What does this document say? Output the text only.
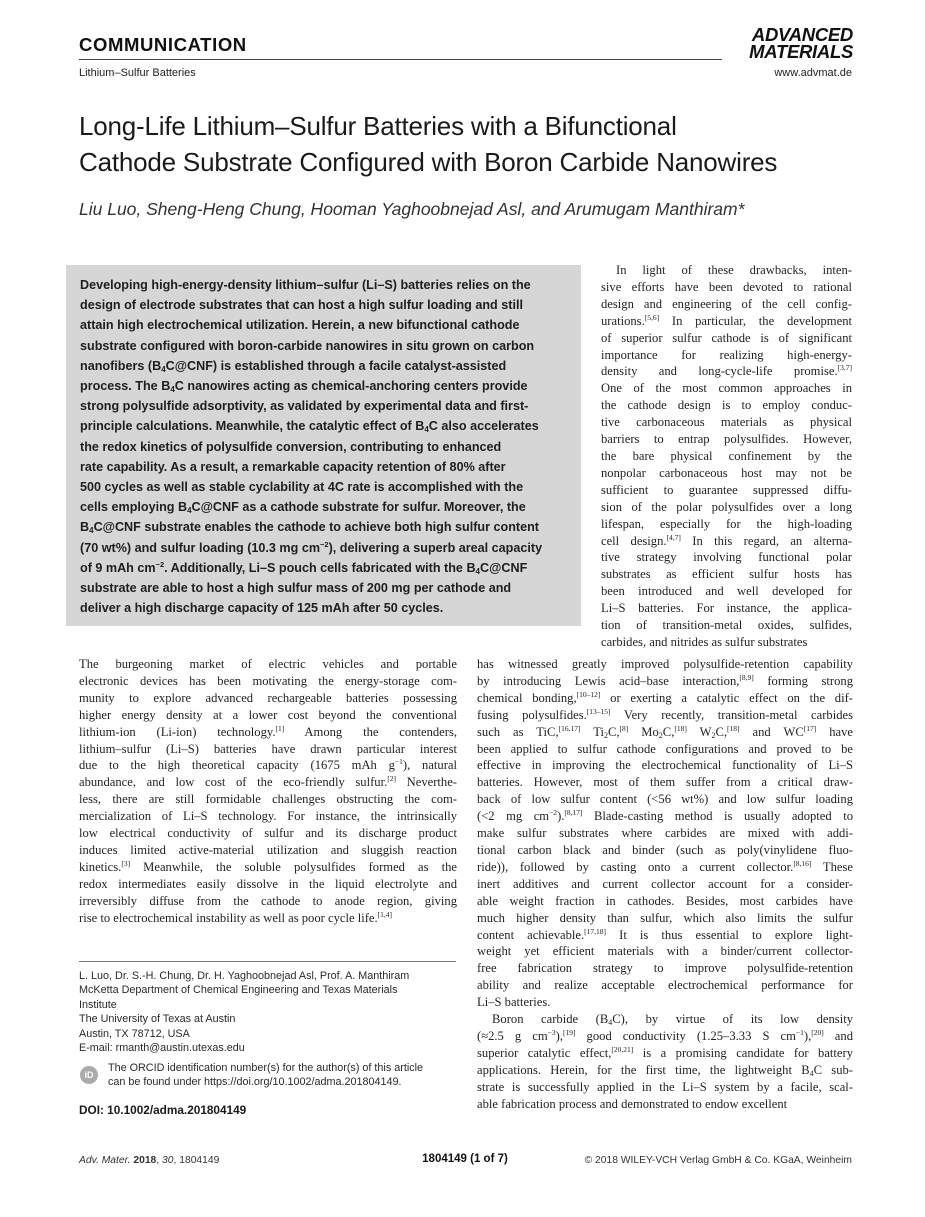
COMMUNICATION	ADVANCED
MATERIALS
Lithium–Sulfur Batteries	www.advmat.de
Long-Life Lithium–Sulfur Batteries with a Bifunctional
Cathode Substrate Configured with Boron Carbide Nanowires
Liu Luo, Sheng-Heng Chung, Hooman Yaghoobnejad Asl, and Arumugam Manthiram*
Developing high-energy-density lithium–sulfur (Li–S) batteries relies on the
design of electrode substrates that can host a high sulfur loading and still
attain high electrochemical utilization. Herein, a new bifunctional cathode
substrate configured with boron-carbide nanowires in situ grown on carbon
nanofibers $(B_4C@CNF)$ is established through a facile catalyst-assisted
process. The $B_4C$ nanowires acting as chemical-anchoring centers provide
strong polysulfide adsorptivity, as validated by experimental data and first-
principle calculations. Meanwhile, the catalytic effect of $B_4C$ also accelerates
the redox kinetics of polysulfide conversion, contributing to enhanced
rate capability. As a result, a remarkable capacity retention of 80% after
500 cycles as well as stable cyclability at 4C rate is accomplished with the
cells employing $B_4C@CNF$ as a cathode substrate for sulfur. Moreover, the
$B_4C@CNF$ substrate enables the cathode to achieve both high sulfur content
(70 wt%) and sulfur loading (10.3 mg $cm^{-2}$), delivering a superb areal capacity
of 9 mAh $cm^{-2}$. Additionally, Li–S pouch cells fabricated with the $B_4C@CNF$
substrate are able to host a high sulfur mass of 200 mg per cathode and
deliver a high discharge capacity of 125 mAh after 50 cycles.
In light of these drawbacks, inten-
sive efforts have been devoted to rational
design and engineering of the cell config-
urations.[5,6] In particular, the development
of superior sulfur cathode is of significant
importance for realizing high-energy-
density and long-cycle-life promise.[3,7]
One of the most common approaches in
the cathode design is to employ conduc-
tive carbonaceous materials as physical
barriers to entrap polysulfides. However,
the bare physical confinement by the
nonpolar carbonaceous host may not be
sufficient to guarantee suppressed diffu-
sion of the polar polysulfides over a long
lifespan, especially for the high-loading
cell design.[4,7] In this regard, an alterna-
tive strategy involving functional polar
substrates as efficient sulfur hosts has
been introduced and well developed for
Li–S batteries. For instance, the applica-
tion of transition-metal oxides, sulfides,
carbides, and nitrides as sulfur substrates
The burgeoning market of electric vehicles and portable
electronic devices has been motivating the energy-storage com-
munity to explore advanced rechargeable batteries possessing
higher energy density at a lower cost beyond the conventional
lithium-ion (Li-ion) technology.[1] Among the contenders,
lithium–sulfur (Li–S) batteries have drawn particular interest
due to the high theoretical capacity (1675 mAh $g^{-1}$), natural
abundance, and low cost of the eco-friendly sulfur.[2] Neverthe-
less, there are still formidable challenges obstructing the com-
mercialization of Li–S technology. For instance, the intrinsically
low electrical conductivity of sulfur and its discharge product
induces limited active-material utilization and sluggish reaction
kinetics.[3] Meanwhile, the soluble polysulfides formed as the
redox intermediates easily dissolve in the liquid electrolyte and
irreversibly diffuse from the cathode to anode region, giving
rise to electrochemical instability as well as poor cycle life.[1,4]
has witnessed greatly improved polysulfide-retention capability
by introducing Lewis acid–base interaction,[8,9] forming strong
chemical bonding,[10–12] or exerting a catalytic effect on the dif-
fusing polysulfides.[13–15] Very recently, transition-metal carbides
such as TiC,[16,17] $Ti_2C,[8]$ $Mo_2C,[18]$ $W_2C,[18]$ and WC[17] have
been applied to sulfur cathode configurations and proved to be
effective in improving the electrochemical functionality of Li–S
batteries. However, most of them suffer from a critical draw-
back of low sulfur content (<56 wt%) and low sulfur loading
(<2 mg $cm^{-2}).[8,17]$ Blade-casting method is usually adopted to
make sulfur substrates where carbides are mixed with addi-
tional carbon black and binder (such as poly(vinylidene fluo-
ride)), followed by casting onto a current collector.[8,16] These
inert additives and current collector account for a consider-
able weight fraction in cathodes. Besides, most carbides have
much higher density than sulfur, which also limits the sulfur
content achievable.[17,18] It is thus essential to explore light-
weight yet efficient materials with a binder/current collector-
free fabrication strategy to improve polysulfide-retention
ability and realize acceptable electrochemical performance for
Li–S batteries.
Boron carbide $(B_4C)$, by virtue of its low density
(≈2.5 g $cm^{-3}),[19]$ good conductivity (1.25–3.33 S $cm^{-1}),[20]$ and
superior catalytic effect,[20,21] is a promising candidate for battery
applications. Herein, for the first time, the lightweight $B_4C$ sub-
strate is successfully applied in the Li–S system by a facile, scal-
able fabrication process and demonstrated to endow excellent
L. Luo, Dr. S.-H. Chung, Dr. H. Yaghoobnejad Asl, Prof. A. Manthiram
McKetta Department of Chemical Engineering and Texas Materials
Institute
The University of Texas at Austin
Austin, TX 78712, USA
E-mail: rmanth@austin.utexas.edu
iD
The ORCID identification number(s) for the author(s) of this article
can be found under https://doi.org/10.1002/adma.201804149.
DOI: 10.1002/adma.201804149
Adv. Mater. 2018, 30, 1804149	1804149 (1 of 7)	© 2018 WILEY-VCH Verlag GmbH & Co. KGaA, Weinheim
